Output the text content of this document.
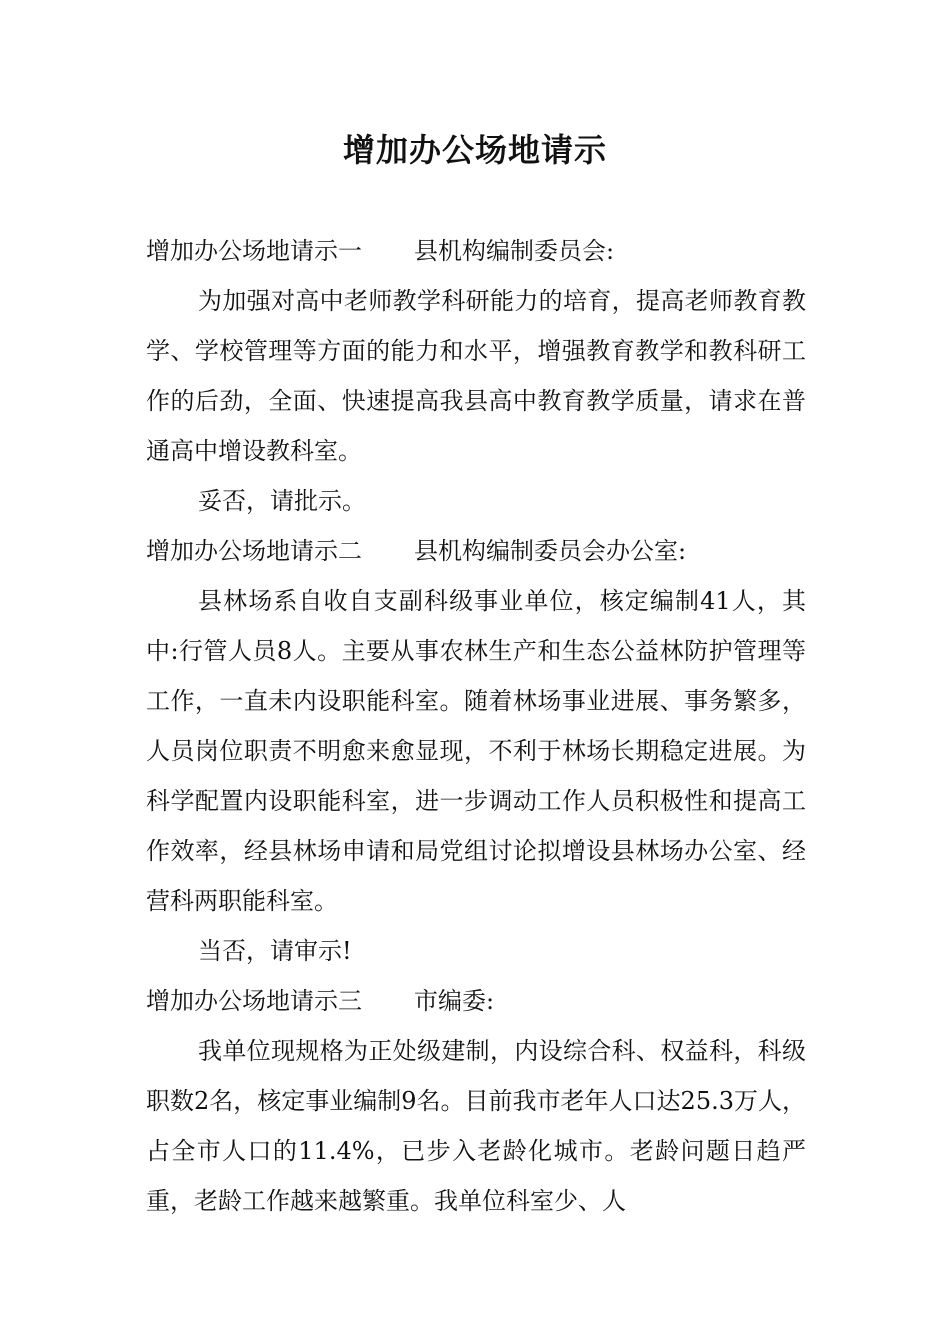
增加办公场地请示

增加办公场地请示一 县机构编制委员会:

为加强对高中老师教学科研能力的培育，提高老师教育教学、学校管理等方面的能力和水平，增强教育教学和教科研工作的后劲，全面、快速提高我县高中教育教学质量，请求在普通高中增设教科室。

妥否，请批示。

增加办公场地请示二 县机构编制委员会办公室:

县林场系自收自支副科级事业单位，核定编制41人，其中:行管人员8人。主要从事农林生产和生态公益林防护管理等工作，一直未内设职能科室。随着林场事业进展、事务繁多，人员岗位职责不明愈来愈显现，不利于林场长期稳定进展。为科学配置内设职能科室，进一步调动工作人员积极性和提高工作效率，经县林场申请和局党组讨论拟增设县林场办公室、经营科两职能科室。

当否，请审示!

增加办公场地请示三 市编委:

我单位现规格为正处级建制，内设综合科、权益科，科级职数2名，核定事业编制9名。目前我市老年人口达25.3万人，占全市人口的11.4%，已步入老龄化城市。老龄问题日趋严重，老龄工作越来越繁重。我单位科室少、人
